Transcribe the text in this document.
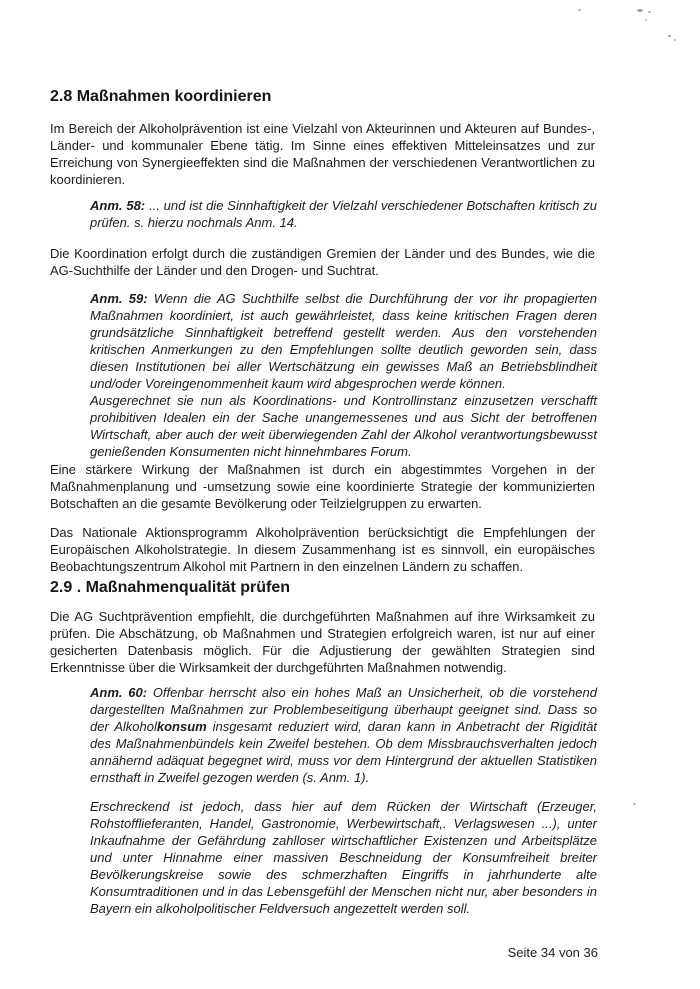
2.8 Maßnahmen koordinieren
Im Bereich der Alkoholprävention ist eine Vielzahl von Akteurinnen und Akteuren auf Bundes-, Länder- und kommunaler Ebene tätig. Im Sinne eines effektiven Mitteleinsatzes und zur Erreichung von Synergieeffekten sind die Maßnahmen der verschiedenen Verantwortlichen zu koordinieren.

Anm. 58: ... und ist die Sinnhaftigkeit der Vielzahl verschiedener Botschaften kritisch zu prüfen. s. hierzu nochmals Anm. 14.

Die Koordination erfolgt durch die zuständigen Gremien der Länder und des Bundes, wie die AG-Suchthilfe der Länder und den Drogen- und Suchtrat.

Anm. 59: Wenn die AG Suchthilfe selbst die Durchführung der vor ihr propagierten Maßnahmen koordiniert, ist auch gewährleistet, dass keine kritischen Fragen deren grundsätzliche Sinnhaftigkeit betreffend gestellt werden. Aus den vorstehenden kritischen Anmerkungen zu den Empfehlungen sollte deutlich geworden sein, dass diesen Institutionen bei aller Wertschätzung ein gewisses Maß an Betriebsblindheit und/oder Voreingenommenheit kaum wird abgesprochen werde können.

Ausgerechnet sie nun als Koordinations- und Kontrollinstanz einzusetzen verschafft prohibitiven Idealen ein der Sache unangemessenes und aus Sicht der betroffenen Wirtschaft, aber auch der weit überwiegenden Zahl der Alkohol verantwortungsbewusst genießenden Konsumenten nicht hinnehmbares Forum.

Eine stärkere Wirkung der Maßnahmen ist durch ein abgestimmtes Vorgehen in der Maßnahmenplanung und -umsetzung sowie eine koordinierte Strategie der kommunizierten Botschaften an die gesamte Bevölkerung oder Teilzielgruppen zu erwarten.
Das Nationale Aktionsprogramm Alkoholprävention berücksichtigt die Empfehlungen der Europäischen Alkoholstrategie. In diesem Zusammenhang ist es sinnvoll, ein europäisches Beobachtungszentrum Alkohol mit Partnern in den einzelnen Ländern zu schaffen.
2.9 . Maßnahmenqualität prüfen
Die AG Suchtprävention empfiehlt, die durchgeführten Maßnahmen auf ihre Wirksamkeit zu prüfen. Die Abschätzung, ob Maßnahmen und Strategien erfolgreich waren, ist nur auf einer gesicherten Datenbasis möglich. Für die Adjustierung der gewählten Strategien sind Erkenntnisse über die Wirksamkeit der durchgeführten Maßnahmen notwendig.

Anm. 60: Offenbar herrscht also ein hohes Maß an Unsicherheit, ob die vorstehend dargestellten Maßnahmen zur Problembeseitigung überhaupt geeignet sind. Dass so der Alkoholkonsum insgesamt reduziert wird, daran kann in Anbetracht der Rigidität des Maßnahmenbündels kein Zweifel bestehen. Ob dem Missbrauchsverhalten jedoch annähernd adäquat begegnet wird, muss vor dem Hintergrund der aktuellen Statistiken ernsthaft in Zweifel gezogen werden (s. Anm. 1).

Erschreckend ist jedoch, dass hier auf dem Rücken der Wirtschaft (Erzeuger, Rohstofflieferanten, Handel, Gastronomie, Werbewirtschaft,. Verlagswesen ...), unter Inkaufnahme der Gefährdung zahlloser wirtschaftlicher Existenzen und Arbeitsplätze und unter Hinnahme einer massiven Beschneidung der Konsumfreiheit breiter Bevölkerungskreise sowie des schmerzhaften Eingriffs in jahrhunderte alte Konsumtraditionen und in das Lebensgefühl der Menschen nicht nur, aber besonders in Bayern ein alkoholpolitischer Feldversuch angezettelt werden soll.

Seite 34 von 36
